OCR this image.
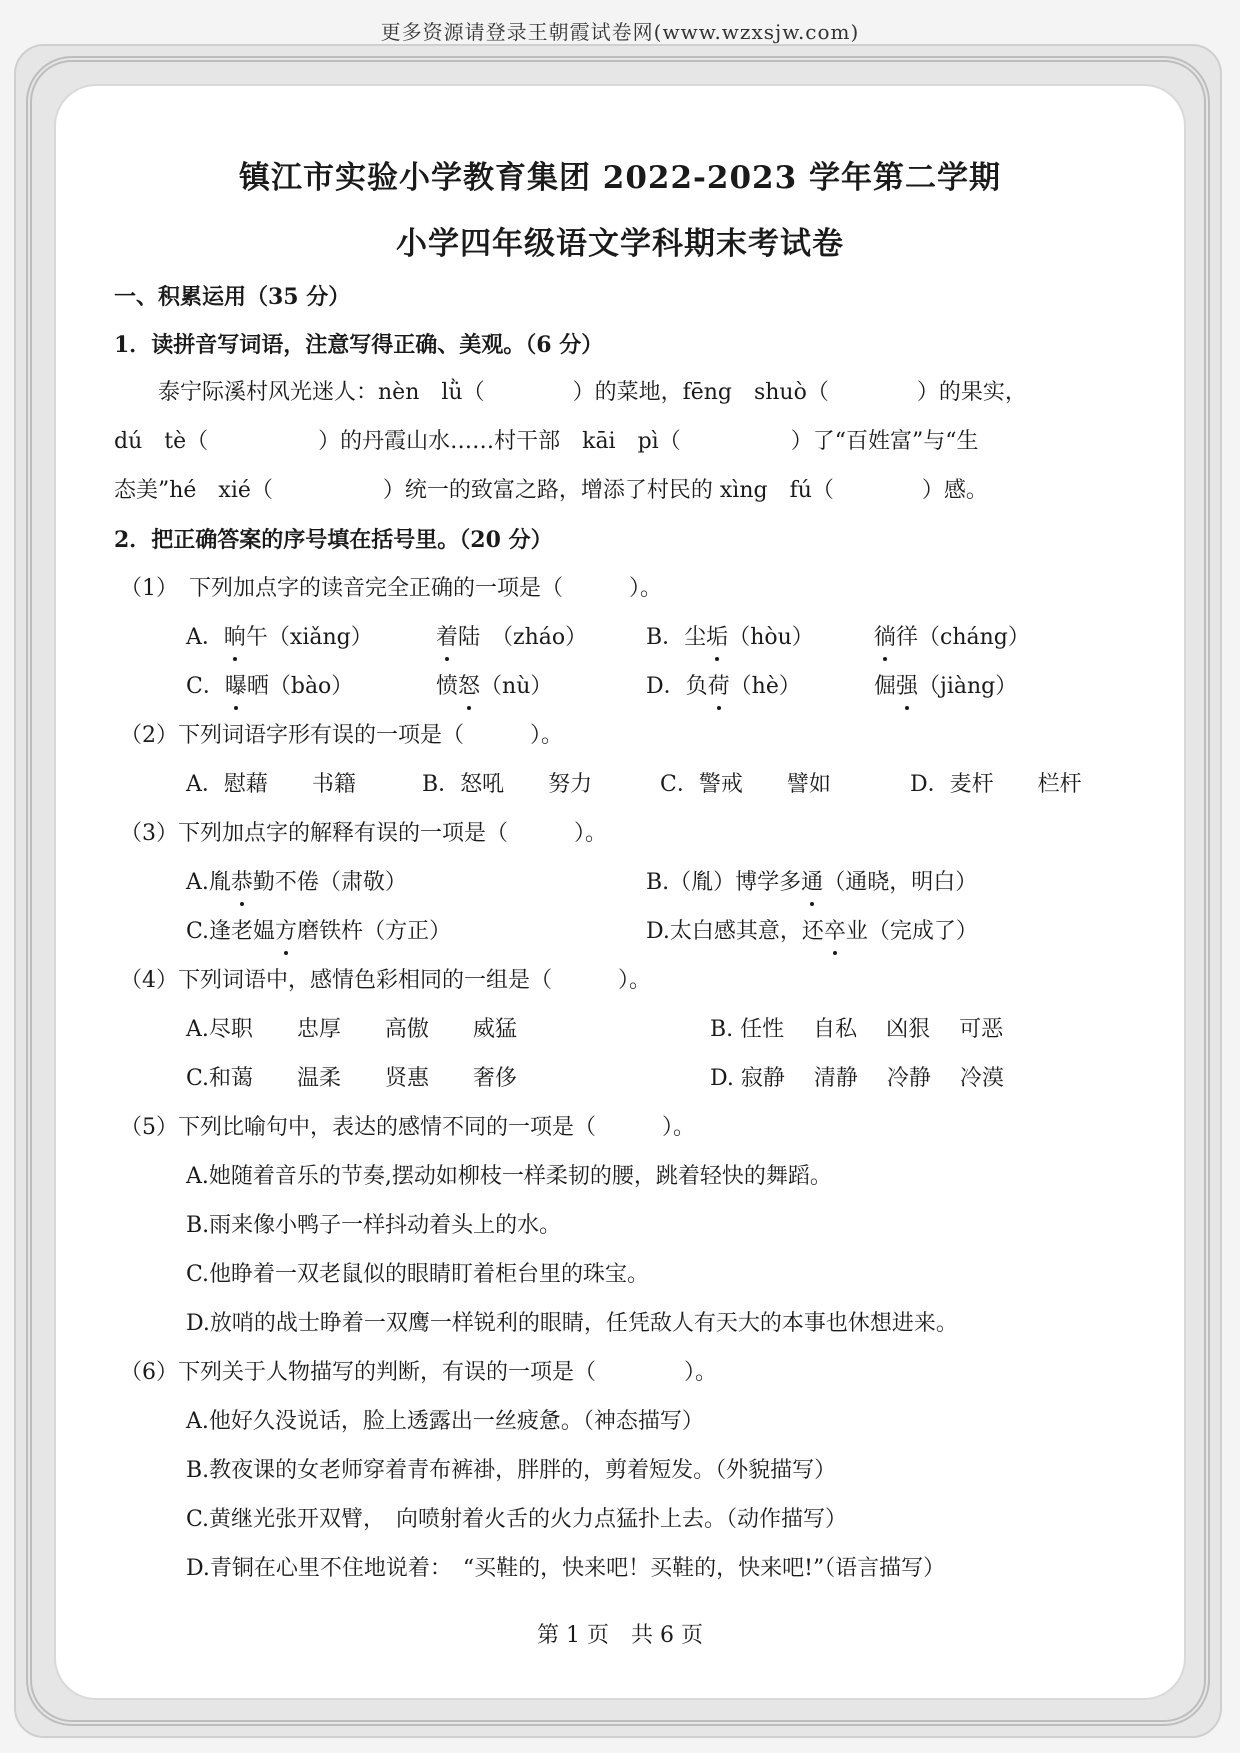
更多资源请登录王朝霞试卷网(www.wzxsjw.com)
镇江市实验小学教育集团 2022-2023 学年第二学期
小学四年级语文学科期末考试卷
一、积累运用（35 分）
1．读拼音写词语，注意写得正确、美观。（6 分）
泰宁际溪村风光迷人：nèn　lǜ（　　　　）的菜地，fēng　shuò（　　　　）的果实，
dú　tè（　　　　　）的丹霞山水……村干部　kāi　pì（　　　　　）了“百姓富”与“生
态美”hé　xié（　　　　　）统一的致富之路，增添了村民的 xìng　fú（　　　　）感。
2．把正确答案的序号填在括号里。（20 分）
（1）　下列加点字的读音完全正确的一项是（　　　）。
A．晌午（xiǎng）	着陆　（zháo）	B．尘垢（hòu）	徜徉（cháng）
C．曝晒（bào）	愤怒（nù）	D．负荷（hè）	倔强（jiàng）
（2）下列词语字形有误的一项是（　　　）。
A．慰藉　　书籍	B．怒吼　　努力	C．警戒　　譬如	D．麦杆　　栏杆
（3）下列加点字的解释有误的一项是（　　　）。
A.胤恭勤不倦（肃敬）	B.（胤）博学多通（通晓，明白）
C.逢老媪方磨铁杵（方正）	D.太白感其意，还卒业（完成了）
（4）下列词语中，感情色彩相同的一组是（　　　）。
A.尽职　　忠厚　　高傲　　威猛	B. 任性　 自私　 凶狠　 可恶
C.和蔼　　温柔　　贤惠　　奢侈	D. 寂静　 清静　 冷静　 冷漠
（5）下列比喻句中，表达的感情不同的一项是（　　　）。
A.她随着音乐的节奏,摆动如柳枝一样柔韧的腰，跳着轻快的舞蹈。
B.雨来像小鸭子一样抖动着头上的水。
C.他睁着一双老鼠似的眼睛盯着柜台里的珠宝。
D.放哨的战士睁着一双鹰一样锐利的眼睛，任凭敌人有天大的本事也休想进来。
（6）下列关于人物描写的判断，有误的一项是（　　　　）。
A.他好久没说话，脸上透露出一丝疲惫。（神态描写）
B.教夜课的女老师穿着青布裤褂，胖胖的，剪着短发。（外貌描写）
C.黄继光张开双臂，　向喷射着火舌的火力点猛扑上去。（动作描写）
D.青铜在心里不住地说着：　“买鞋的，快来吧！买鞋的，快来吧!”（语言描写）
第 1 页　共 6 页
